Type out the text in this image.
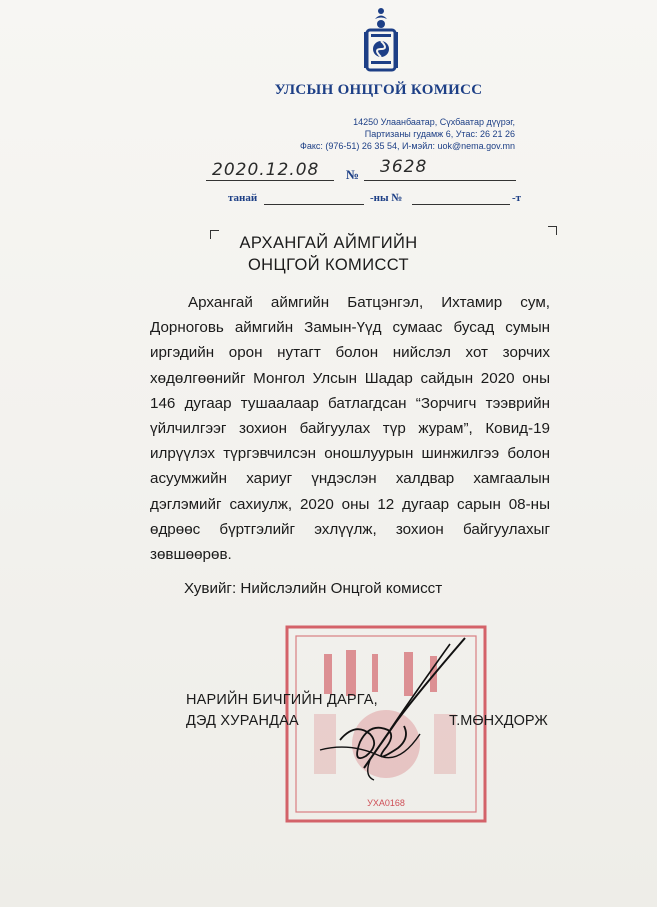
УЛСЫН ОНЦГОЙ КОМИСС
14250 Улаанбаатар, Сүхбаатар дүүрэг,
Партизаны гудамж 6, Утас: 26 21 26
Факс: (976-51) 26 35 54, И-мэйл: uok@nema.gov.mn
2020.12.08 № 3628
танай	-ны №	-т
АРХАНГАЙ АЙМГИЙН
ОНЦГОЙ КОМИССТ
Архангай аймгийн Батцэнгэл, Ихтамир сум, Дорноговь аймгийн Замын-Үүд сумаас бусад сумын иргэдийн орон нутагт болон нийслэл хот зорчих хөдөлгөөнийг Монгол Улсын Шадар сайдын 2020 оны 146 дугаар тушаалаар батлагдсан “Зорчигч тээврийн үйлчилгээг зохион байгуулах түр журам”, Ковид-19 илрүүлэх түргэвчилсэн оношлуурын шинжилгээ болон асуумжийн хариуг үндэслэн халдвар хамгаалын дэглэмийг сахиулж, 2020 оны 12 дугаар сарын 08-ны өдрөөс бүртгэлийг эхлүүлж, зохион байгуулахыг зөвшөөрөв.
Хувийг: Нийслэлийн Онцгой комисст
УХА0168
НАРИЙН БИЧГИЙН ДАРГА,
ДЭД ХУРАНДАА	Т.МӨНХДОРЖ
